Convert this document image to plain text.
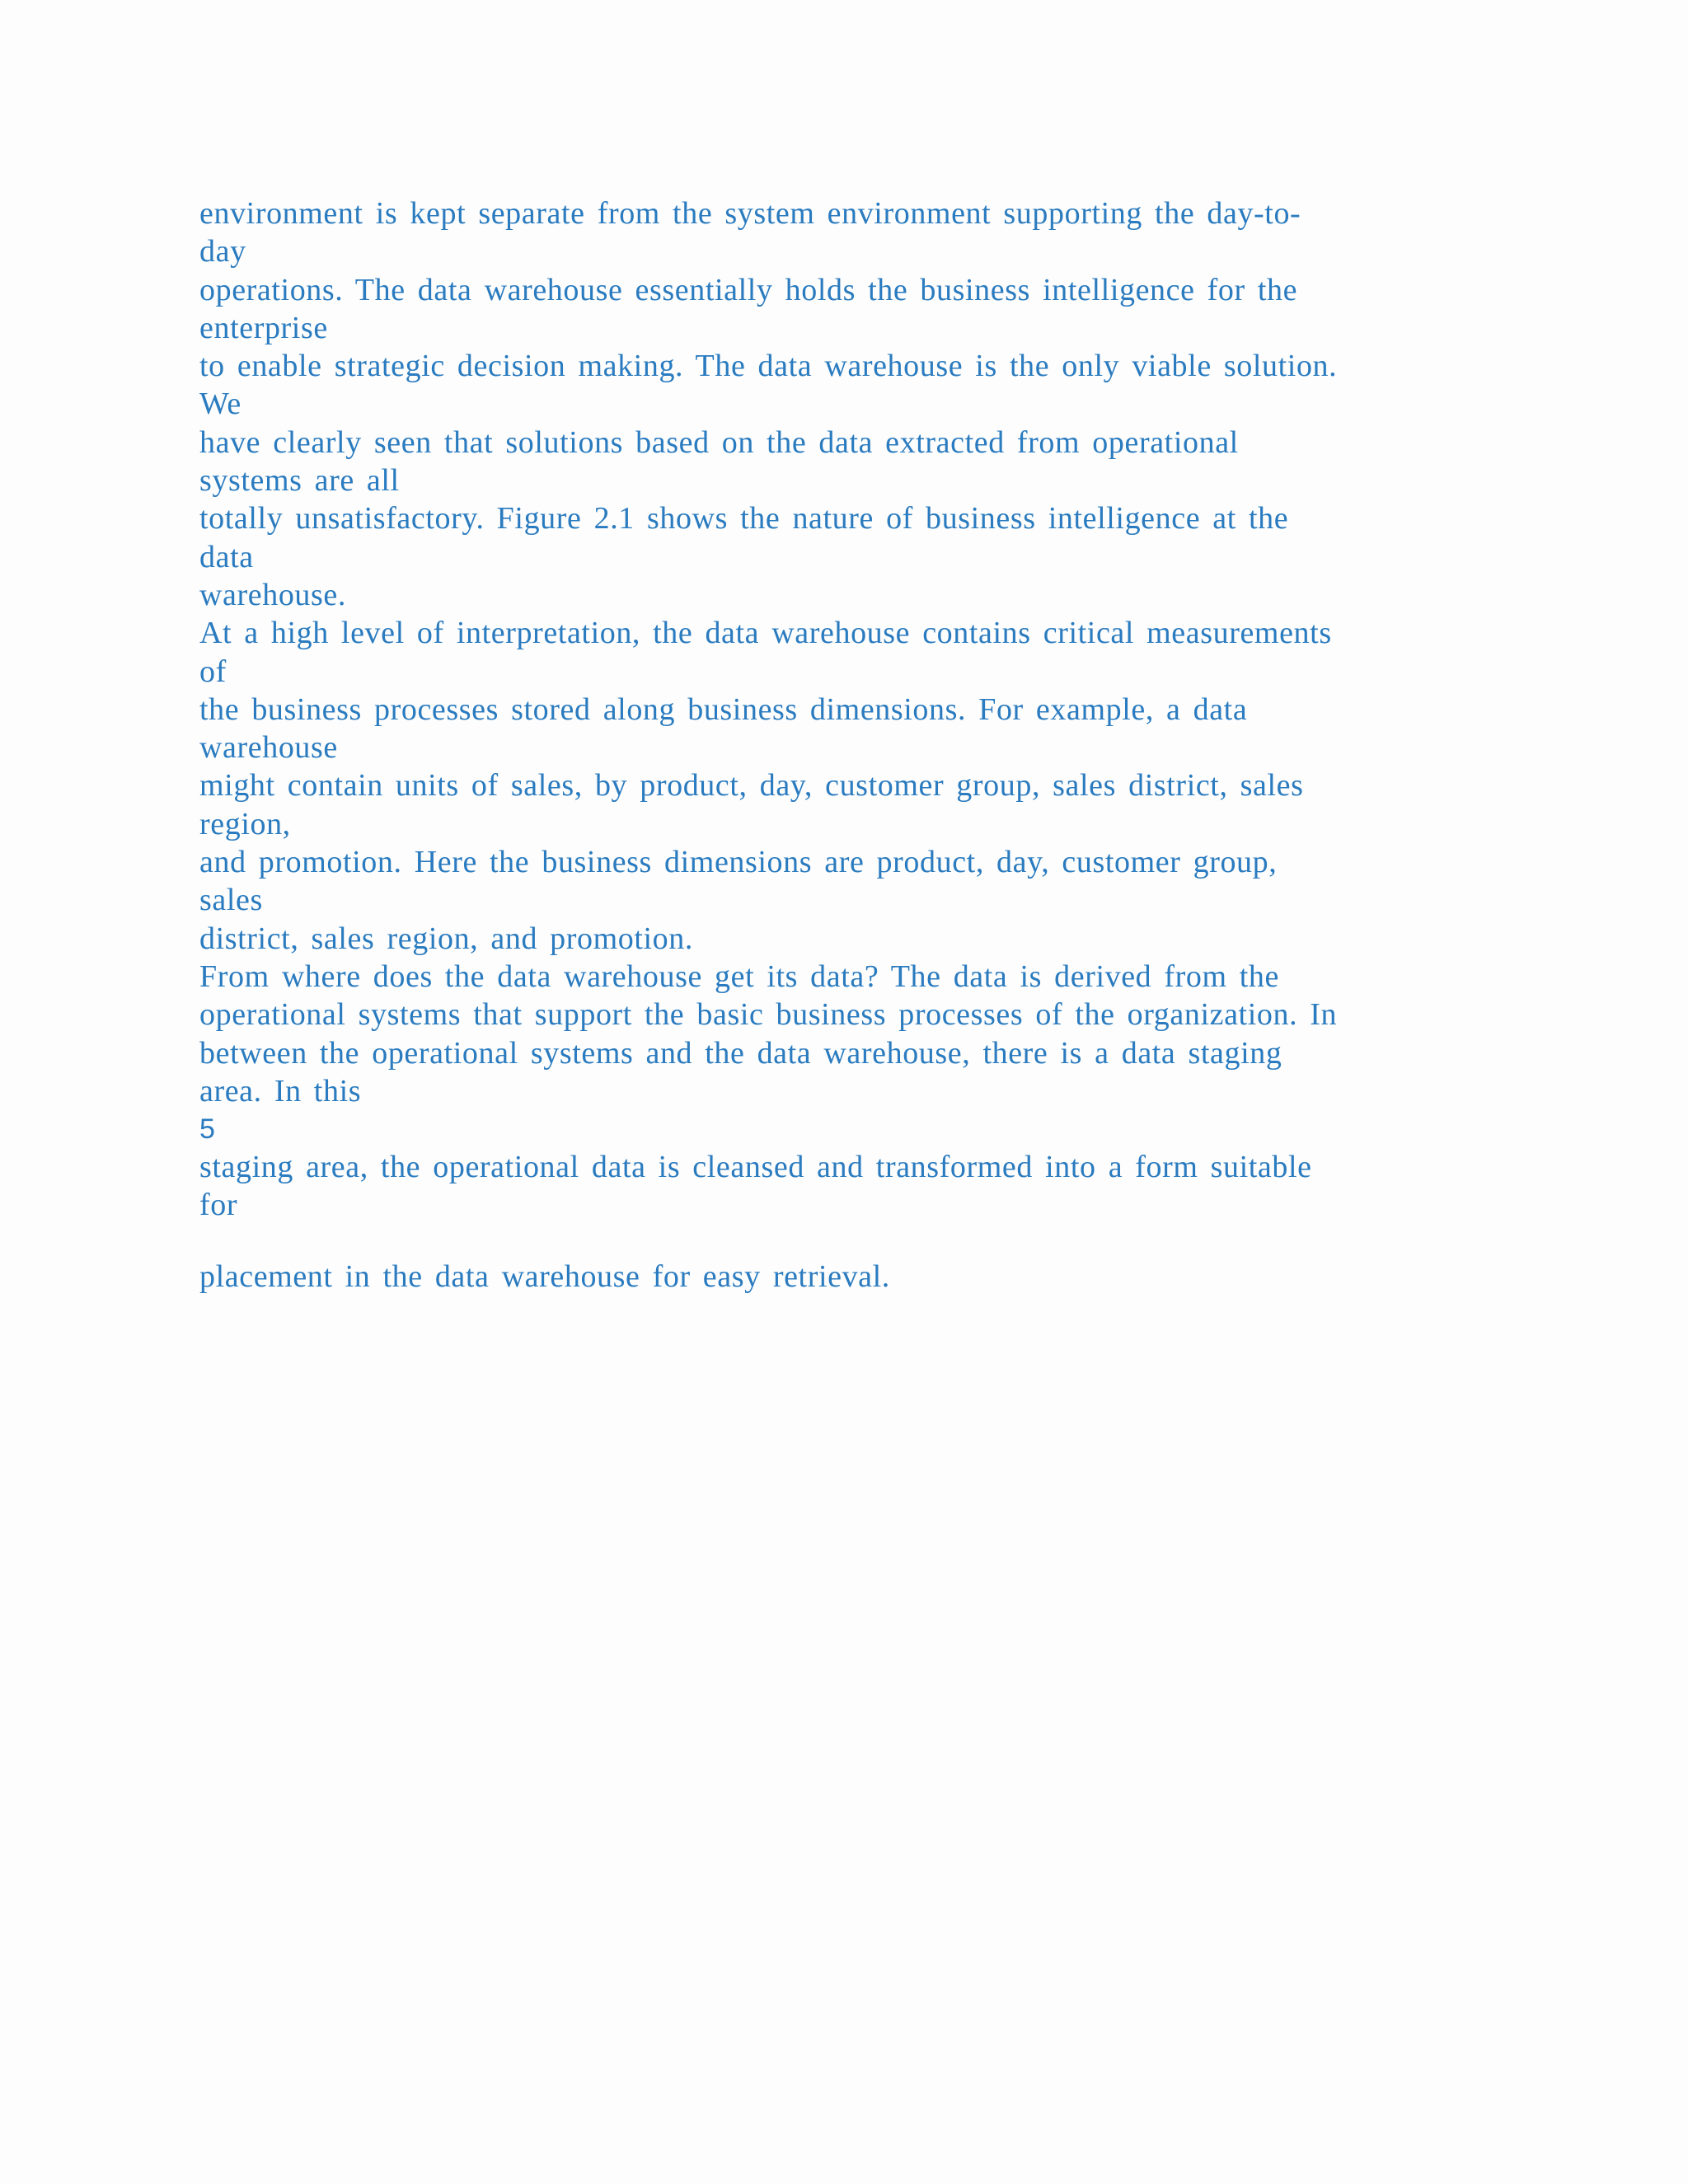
environment is kept separate from the system environment supporting the day-to-
day
operations. The data warehouse essentially holds the business intelligence for the
enterprise
to enable strategic decision making. The data warehouse is the only viable solution.
We
have clearly seen that solutions based on the data extracted from operational
systems are all
totally unsatisfactory. Figure 2.1 shows the nature of business intelligence at the
data
warehouse.
At a high level of interpretation, the data warehouse contains critical measurements
of
the business processes stored along business dimensions. For example, a data
warehouse
might contain units of sales, by product, day, customer group, sales district, sales
region,
and promotion. Here the business dimensions are product, day, customer group,
sales
district, sales region, and promotion.
From where does the data warehouse get its data? The data is derived from the
operational systems that support the basic business processes of the organization. In
between the operational systems and the data warehouse, there is a data staging
area. In this
5
staging area, the operational data is cleansed and transformed into a form suitable
for
placement in the data warehouse for easy retrieval.
